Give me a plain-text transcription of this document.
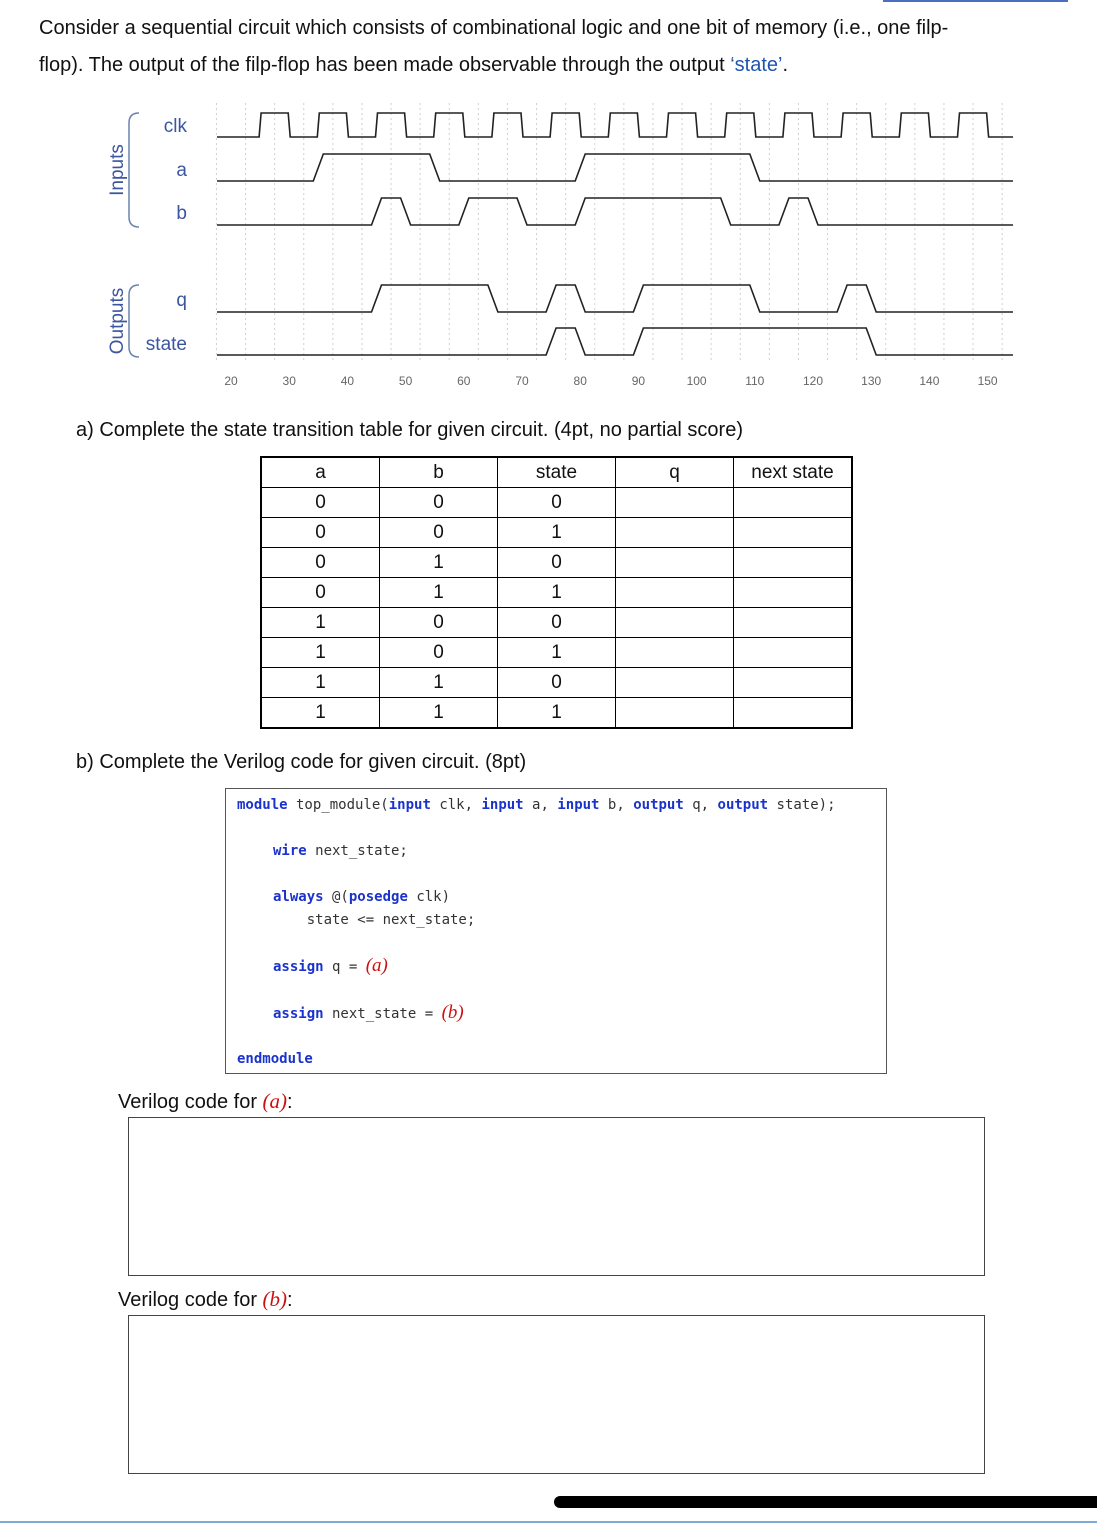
Consider a sequential circuit which consists of combinational logic and one bit of memory (i.e., one filp-
flop). The output of the filp-flop has been made observable through the output ‘state’.
Inputs
Outputs
clk
a
b
q
state
20	30	40	50	60	70	80	90	100	110	120	130	140	150
a) Complete the state transition table for given circuit. (4pt, no partial score)
a	b	state	q	next state
0	0	0		
0	0	1		
0	1	0		
0	1	1		
1	0	0		
1	0	1		
1	1	0		
1	1	1		
b) Complete the Verilog code for given circuit. (8pt)
module top_module(input clk, input a, input b, output q, output state);
wire next_state;
always @(posedge clk)
state <= next_state;
assign q = (a)
assign next_state = (b)
endmodule
Verilog code for (a):
Verilog code for (b):
